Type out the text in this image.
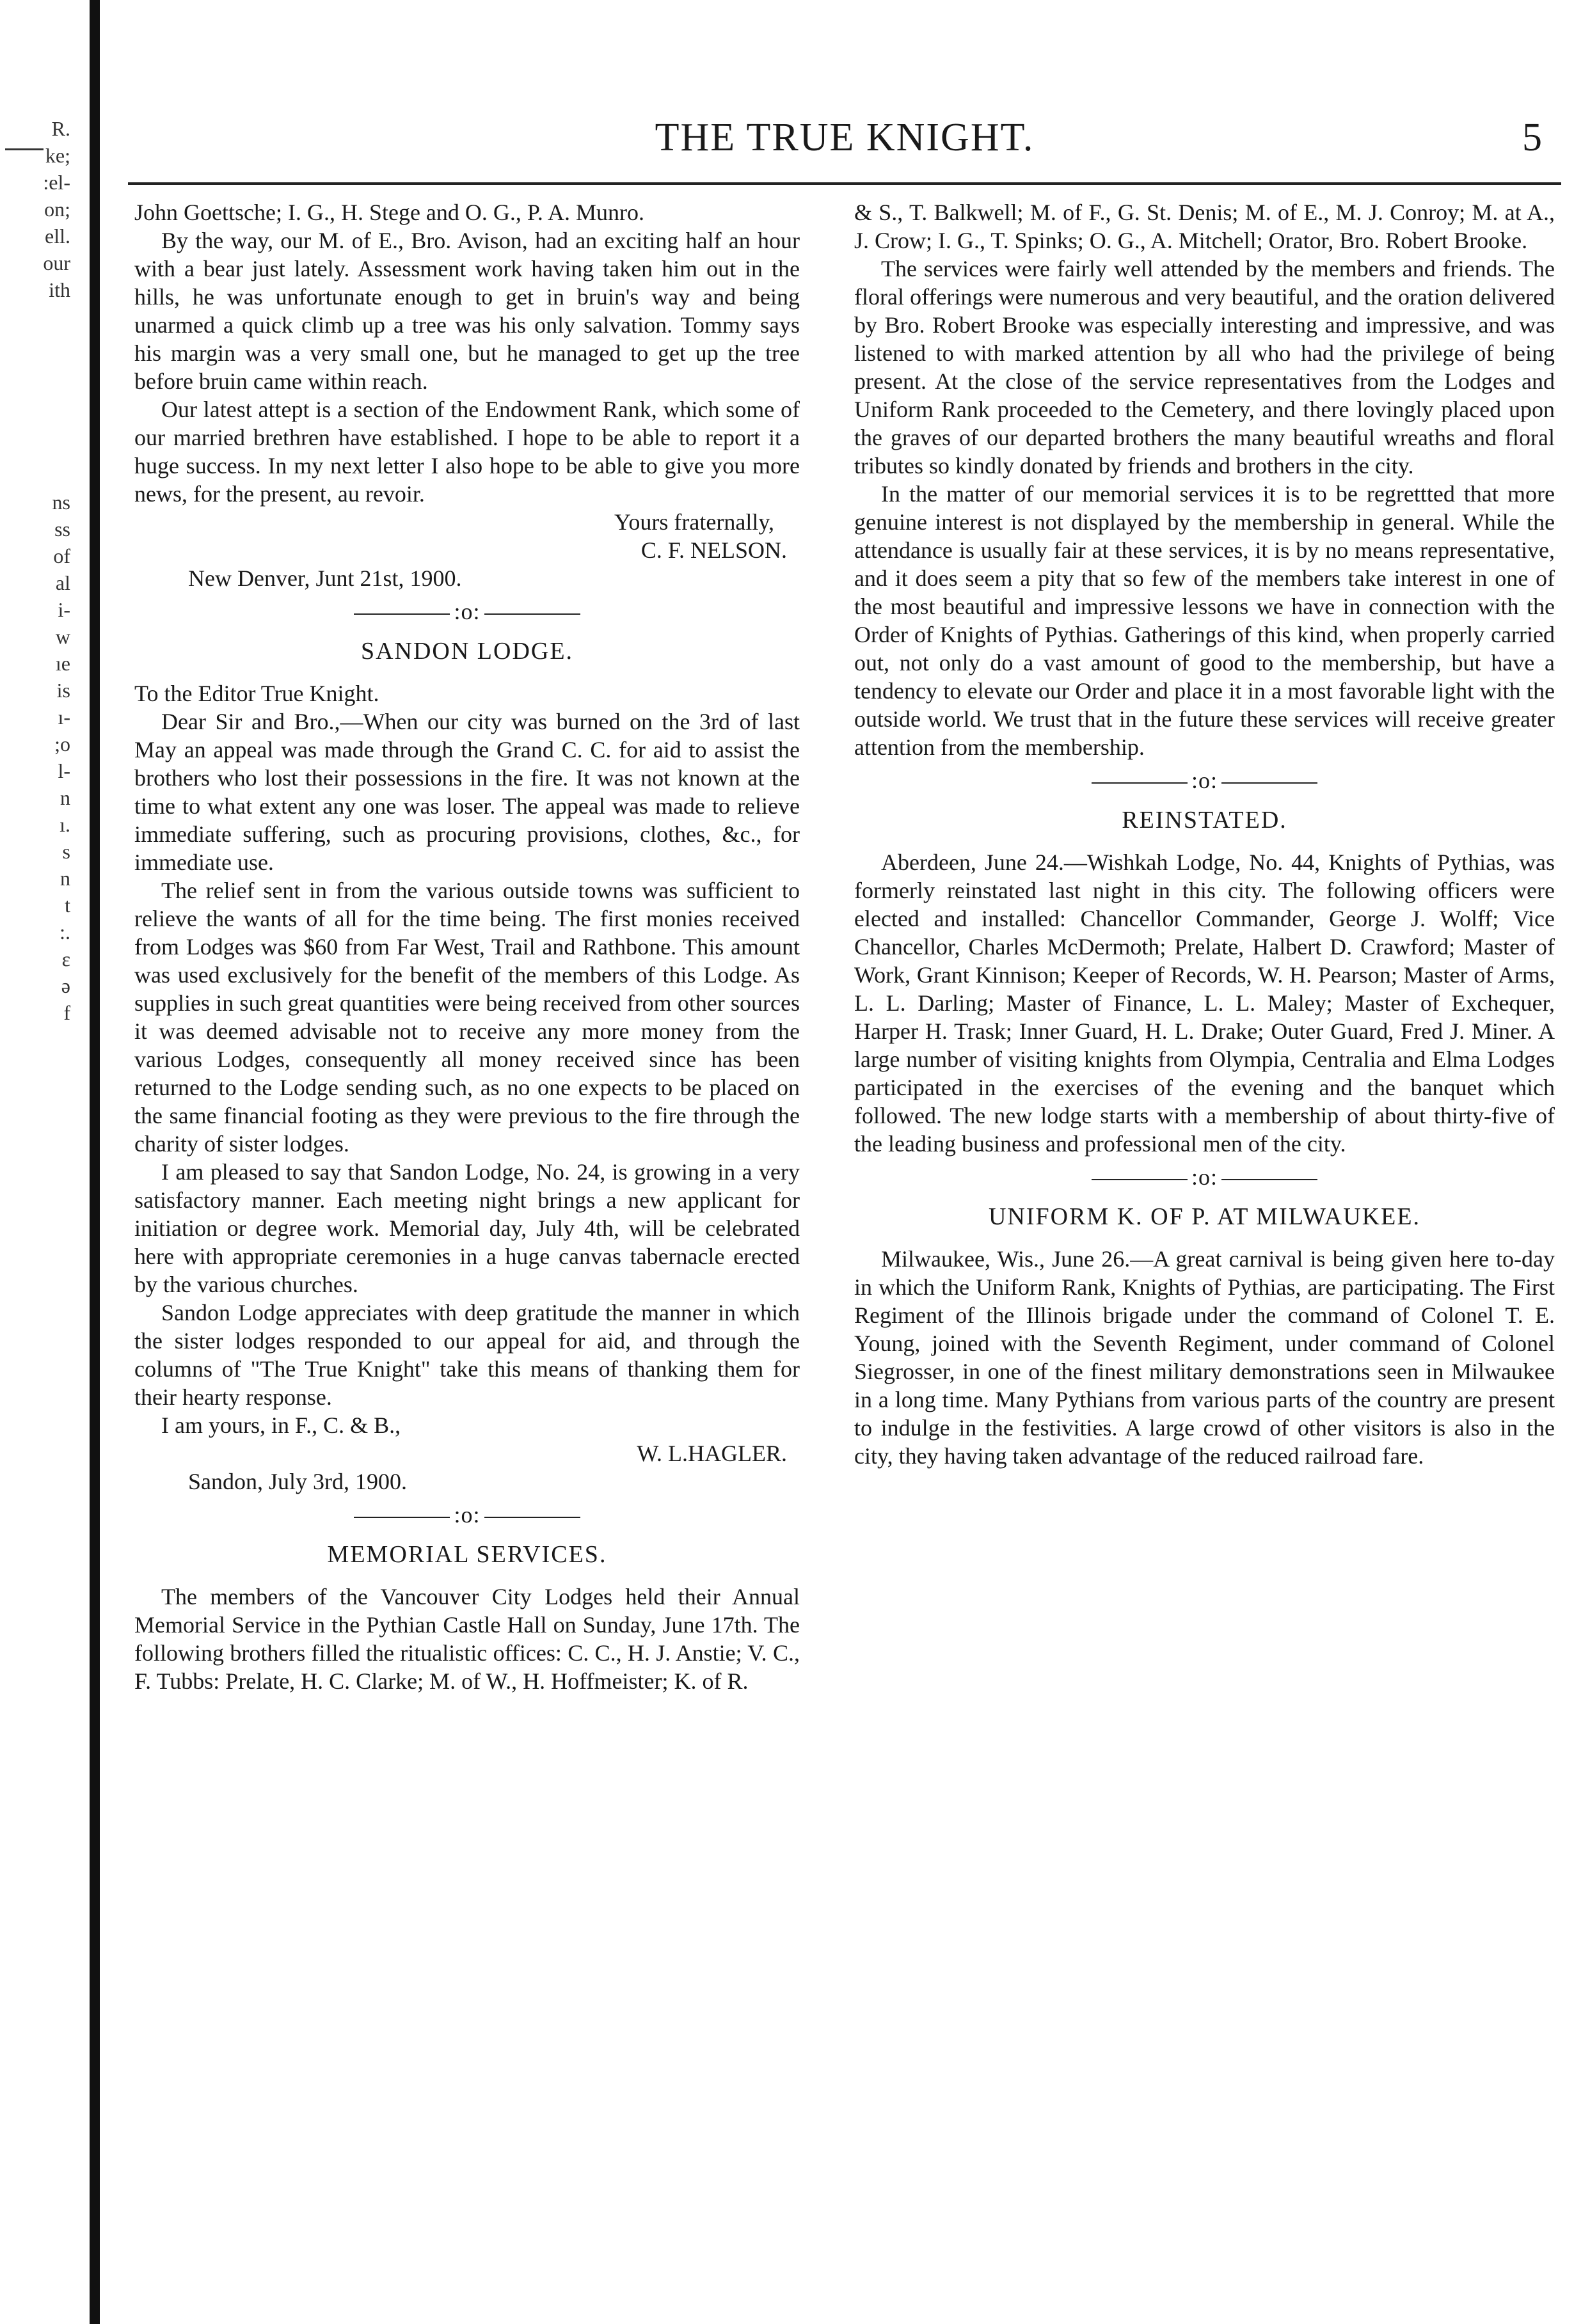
R.
ke;
:el-
on;
ell.
our
ith
ns
ss
of
al
i-
w
ıe
is
ı-
;o
l-
n
ı.
s
n
t
:.
ε
ə
f
THE TRUE KNIGHT.	5

John Goettsche; I. G., H. Stege and O. G., P. A. Munro.

By the way, our M. of E., Bro. Avison, had an exciting half an hour with a bear just lately. Assessment work having taken him out in the hills, he was unfortunate enough to get in bruin's way and being unarmed a quick climb up a tree was his only salvation. Tommy says his margin was a very small one, but he managed to get up the tree before bruin came within reach.

Our latest attept is a section of the Endowment Rank, which some of our married brethren have established. I hope to be able to report it a huge success. In my next letter I also hope to be able to give you more news, for the present, au revoir.

Yours fraternally,

C. F. NELSON.

New Denver, Junt 21st, 1900.

:o:
SANDON LODGE.

To the Editor True Knight.

Dear Sir and Bro.,—When our city was burned on the 3rd of last May an appeal was made through the Grand C. C. for aid to assist the brothers who lost their possessions in the fire. It was not known at the time to what extent any one was loser. The appeal was made to relieve immediate suffering, such as procuring provisions, clothes, &c., for immediate use.

The relief sent in from the various outside towns was sufficient to relieve the wants of all for the time being. The first monies received from Lodges was $60 from Far West, Trail and Rathbone. This amount was used exclusively for the benefit of the members of this Lodge. As supplies in such great quantities were being received from other sources it was deemed advisable not to receive any more money from the various Lodges, consequently all money received since has been returned to the Lodge sending such, as no one expects to be placed on the same financial footing as they were previous to the fire through the charity of sister lodges.

I am pleased to say that Sandon Lodge, No. 24, is growing in a very satisfactory manner. Each meeting night brings a new applicant for initiation or degree work. Memorial day, July 4th, will be celebrated here with appropriate ceremonies in a huge canvas tabernacle erected by the various churches.

Sandon Lodge appreciates with deep gratitude the manner in which the sister lodges responded to our appeal for aid, and through the columns of "The True Knight" take this means of thanking them for their hearty response.

I am yours, in F., C. & B.,

W. L.HAGLER.

Sandon, July 3rd, 1900.

:o:
MEMORIAL SERVICES.

The members of the Vancouver City Lodges held their Annual Memorial Service in the Pythian Castle Hall on Sunday, June 17th. The following brothers filled the ritualistic offices: C. C., H. J. Anstie; V. C., F. Tubbs: Prelate, H. C. Clarke; M. of W., H. Hoffmeister; K. of R.

& S., T. Balkwell; M. of F., G. St. Denis; M. of E., M. J. Conroy; M. at A., J. Crow; I. G., T. Spinks; O. G., A. Mitchell; Orator, Bro. Robert Brooke.

The services were fairly well attended by the members and friends. The floral offerings were numerous and very beautiful, and the oration delivered by Bro. Robert Brooke was especially interesting and impressive, and was listened to with marked attention by all who had the privilege of being present. At the close of the service representatives from the Lodges and Uniform Rank proceeded to the Cemetery, and there lovingly placed upon the graves of our departed brothers the many beautiful wreaths and floral tributes so kindly donated by friends and brothers in the city.

In the matter of our memorial services it is to be regrettted that more genuine interest is not displayed by the membership in general. While the attendance is usually fair at these services, it is by no means representative, and it does seem a pity that so few of the members take interest in one of the most beautiful and impressive lessons we have in connection with the Order of Knights of Pythias. Gatherings of this kind, when properly carried out, not only do a vast amount of good to the membership, but have a tendency to elevate our Order and place it in a most favorable light with the outside world. We trust that in the future these services will receive greater attention from the membership.

:o:
REINSTATED.

Aberdeen, June 24.—Wishkah Lodge, No. 44, Knights of Pythias, was formerly reinstated last night in this city. The following officers were elected and installed: Chancellor Commander, George J. Wolff; Vice Chancellor, Charles McDermoth; Prelate, Halbert D. Crawford; Master of Work, Grant Kinnison; Keeper of Records, W. H. Pearson; Master of Arms, L. L. Darling; Master of Finance, L. L. Maley; Master of Exchequer, Harper H. Trask; Inner Guard, H. L. Drake; Outer Guard, Fred J. Miner. A large number of visiting knights from Olympia, Centralia and Elma Lodges participated in the exercises of the evening and the banquet which followed. The new lodge starts with a membership of about thirty-five of the leading business and professional men of the city.

:o:
UNIFORM K. OF P. AT MILWAUKEE.

Milwaukee, Wis., June 26.—A great carnival is being given here to-day in which the Uniform Rank, Knights of Pythias, are participating. The First Regiment of the Illinois brigade under the command of Colonel T. E. Young, joined with the Seventh Regiment, under command of Colonel Siegrosser, in one of the finest military demonstrations seen in Milwaukee in a long time. Many Pythians from various parts of the country are present to indulge in the festivities. A large crowd of other visitors is also in the city, they having taken advantage of the reduced railroad fare.
